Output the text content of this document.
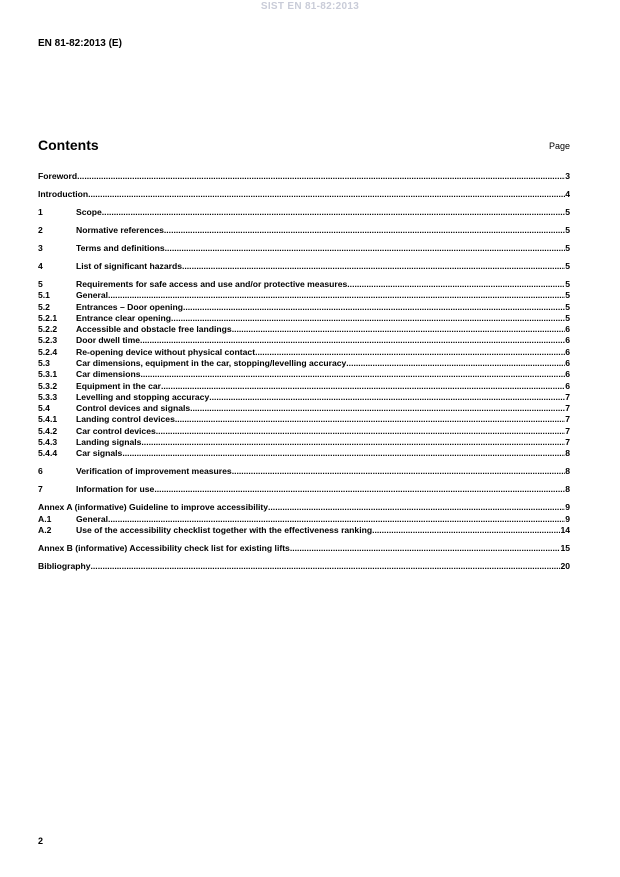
SIST EN 81-82:2013
EN 81-82:2013 (E)
Contents	Page
Foreword .....	3
Introduction .....	4
1	Scope .....	5
2	Normative references .....	5
3	Terms and definitions .....	5
4	List of significant hazards .....	5
5	Requirements for safe access and use and/or protective measures .....	5
5.1	General .....	5
5.2	Entrances – Door opening .....	5
5.2.1	Entrance clear opening .....	5
5.2.2	Accessible and obstacle free landings .....	6
5.2.3	Door dwell time .....	6
5.2.4	Re-opening device without physical contact .....	6
5.3	Car dimensions, equipment in the car, stopping/levelling accuracy .....	6
5.3.1	Car dimensions .....	6
5.3.2	Equipment in the car .....	6
5.3.3	Levelling and stopping accuracy .....	7
5.4	Control devices and signals .....	7
5.4.1	Landing control devices .....	7
5.4.2	Car control devices .....	7
5.4.3	Landing signals .....	7
5.4.4	Car signals .....	8
6	Verification of improvement measures .....	8
7	Information for use .....	8
Annex A (informative) Guideline to improve accessibility .....	9
A.1	General .....	9
A.2	Use of the accessibility checklist together with the effectiveness ranking .....	14
Annex B (informative) Accessibility check list for existing lifts .....	15
Bibliography .....	20
2
